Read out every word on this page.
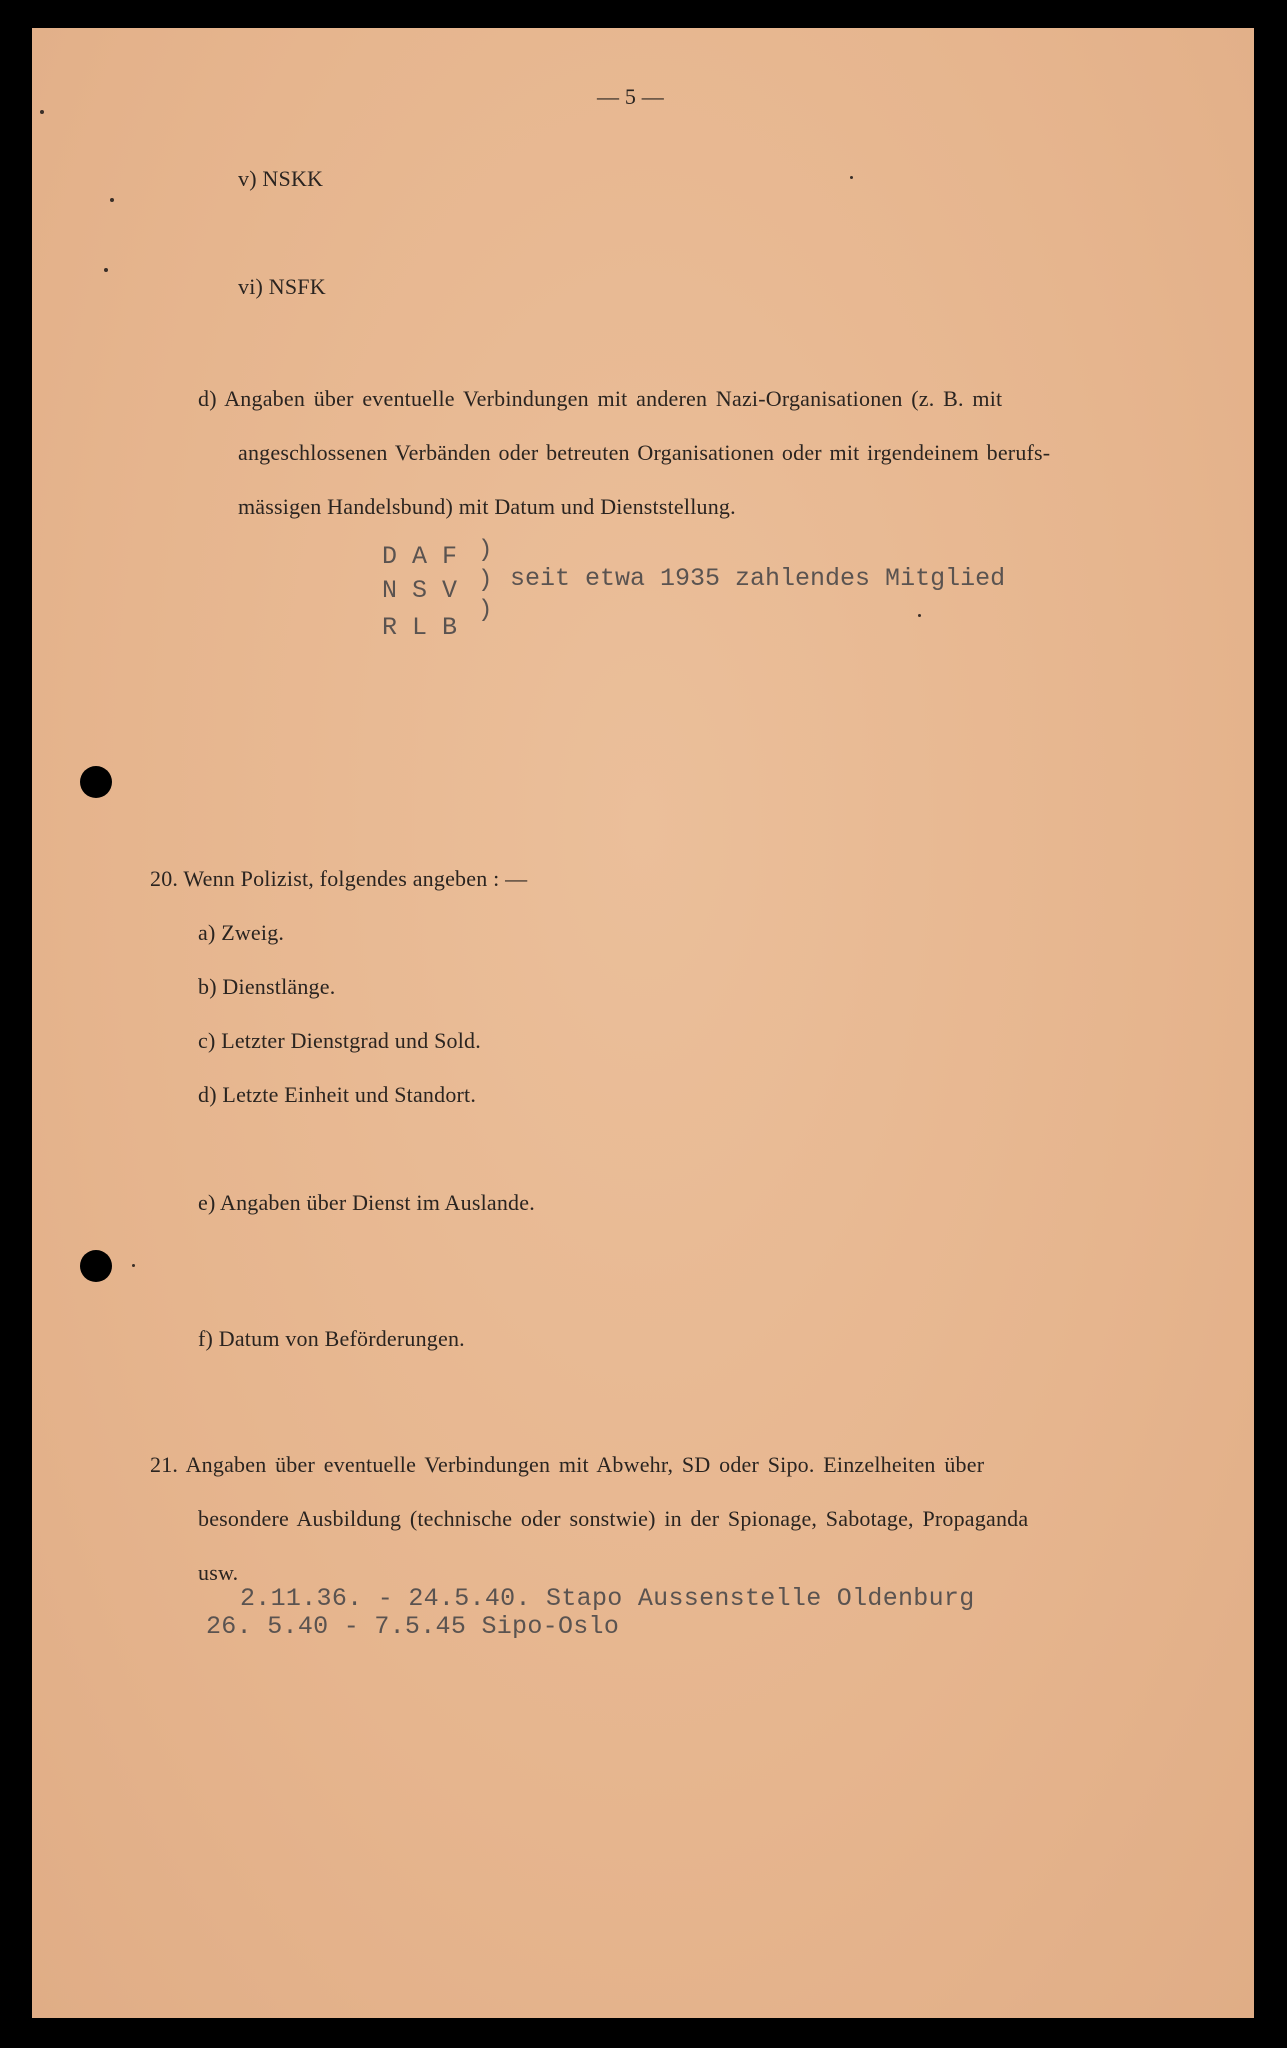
— 5 —
v) NSKK
vi) NSFK
d) Angaben über eventuelle Verbindungen mit anderen Nazi-Organisationen (z. B. mit
angeschlossenen Verbänden oder betreuten Organisationen oder mit irgendeinem berufs-
mässigen Handelsbund) mit Datum und Dienststellung.
D A F
N S V
R L B
)
)
)
seit etwa 1935 zahlendes Mitglied
20. Wenn Polizist, folgendes angeben : —
a) Zweig.
b) Dienstlänge.
c) Letzter Dienstgrad und Sold.
d) Letzte Einheit und Standort.
e) Angaben über Dienst im Auslande.
f) Datum von Beförderungen.
21. Angaben über eventuelle Verbindungen mit Abwehr, SD oder Sipo. Einzelheiten über
besondere Ausbildung (technische oder sonstwie) in der Spionage, Sabotage, Propaganda
usw.
2.11.36. - 24.5.40. Stapo Aussenstelle Oldenburg
26. 5.40 - 7.5.45 Sipo-Oslo
